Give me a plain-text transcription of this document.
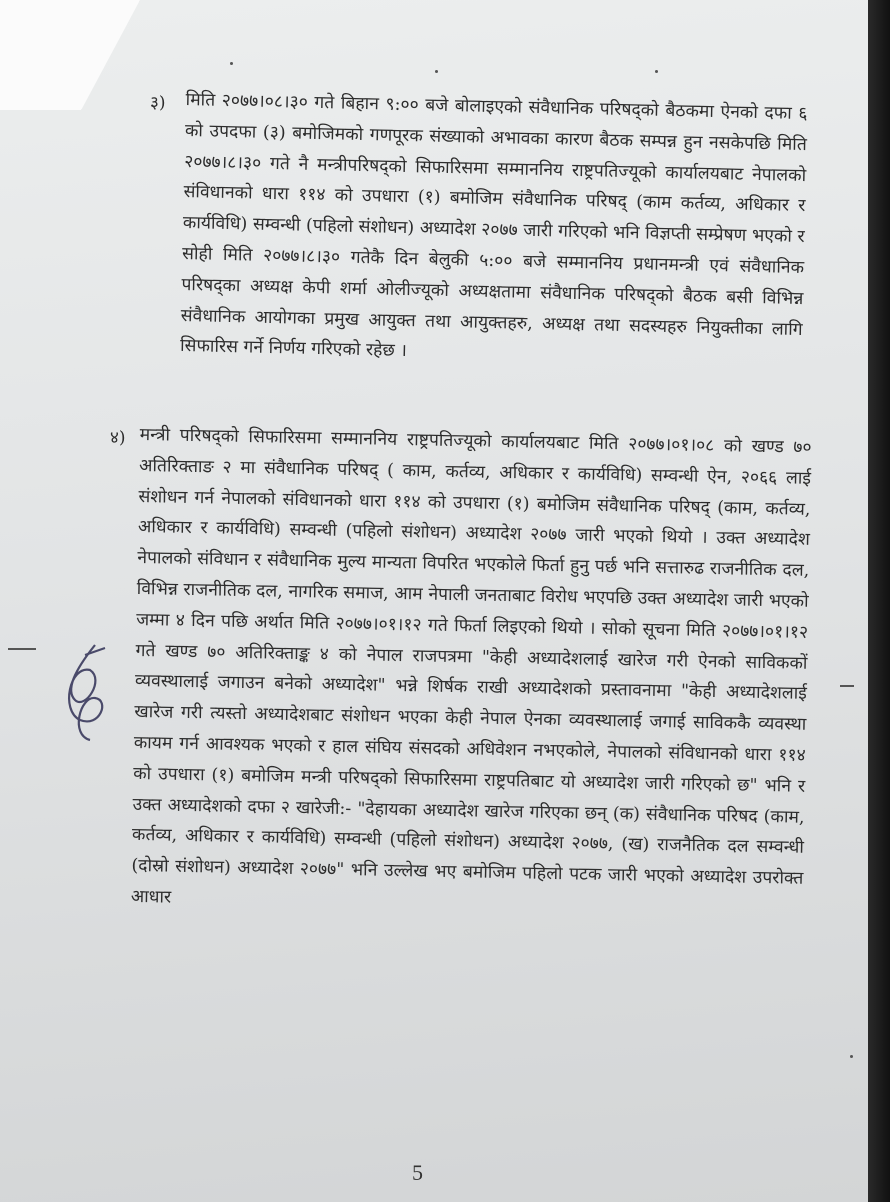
३)	मिति २०७७।०८।३० गते बिहान ९:०० बजे बोलाइएको संवैधानिक परिषद्को बैठकमा ऐनको दफा ६ को उपदफा (३) बमोजिमको गणपूरक संख्याको अभावका कारण बैठक सम्पन्न हुन नसकेपछि मिति २०७७।८।३० गते नै मन्त्रीपरिषद्को सिफारिसमा सम्माननिय राष्ट्रपतिज्यूको कार्यालयबाट नेपालको संविधानको धारा ११४ को उपधारा (१) बमोजिम संवैधानिक परिषद् (काम कर्तव्य, अधिकार र कार्यविधि) सम्वन्धी (पहिलो संशोधन) अध्यादेश २०७७ जारी गरिएको भनि विज्ञप्ती सम्प्रेषण भएको र सोही मिति २०७७।८।३० गतेकै दिन बेलुकी ५:०० बजे सम्माननिय प्रधानमन्त्री एवं संवैधानिक परिषद्का अध्यक्ष केपी शर्मा ओलीज्यूको अध्यक्षतामा संवैधानिक परिषद्को बैठक बसी विभिन्न संवैधानिक आयोगका प्रमुख आयुक्त तथा आयुक्तहरु, अध्यक्ष तथा सदस्यहरु नियुक्तीका लागि सिफारिस गर्ने निर्णय गरिएको रहेछ ।

४) मन्त्री परिषद्को सिफारिसमा सम्माननिय राष्ट्रपतिज्यूको कार्यालयबाट मिति २०७७।०१।०८ को खण्ड ७० अतिरिक्ताङ २ मा संवैधानिक परिषद् ( काम, कर्तव्य, अधिकार र कार्यविधि) सम्वन्धी ऐन, २०६६ लाई संशोधन गर्न नेपालको संविधानको धारा ११४ को उपधारा (१) बमोजिम संवैधानिक परिषद् (काम, कर्तव्य, अधिकार र कार्यविधि) सम्वन्धी (पहिलो संशोधन) अध्यादेश २०७७ जारी भएको थियो । उक्त अध्यादेश नेपालको संविधान र संवैधानिक मुल्य मान्यता विपरित भएकोले फिर्ता हुनु पर्छ भनि सत्तारुढ राजनीतिक दल, विभिन्न राजनीतिक दल, नागरिक समाज, आम नेपाली जनताबाट विरोध भएपछि उक्त अध्यादेश जारी भएको जम्मा ४ दिन पछि अर्थात मिति २०७७।०१।१२ गते फिर्ता लिइएको थियो । सोको सूचना मिति २०७७।०१।१२ गते खण्ड ७० अतिरिक्ताङ्क ४ को नेपाल राजपत्रमा "केही अध्यादेशलाई खारेज गरी ऐनको साविककों व्यवस्थालाई जगाउन बनेको अध्यादेश" भन्ने शिर्षक राखी अध्यादेशको प्रस्तावनामा "केही अध्यादेशलाई खारेज गरी त्यस्तो अध्यादेशबाट संशोधन भएका केही नेपाल ऐनका व्यवस्थालाई जगाई साविककै व्यवस्था कायम गर्न आवश्यक भएको र हाल संघिय संसदको अधिवेशन नभएकोले, नेपालको संविधानको धारा ११४ को उपधारा (१) बमोजिम मन्त्री परिषद्को सिफारिसमा राष्ट्रपतिबाट यो अध्यादेश जारी गरिएको छ" भनि र उक्त अध्यादेशको दफा २ खारेजी:- "देहायका अध्यादेश खारेज गरिएका छन् (क) संवैधानिक परिषद (काम, कर्तव्य, अधिकार र कार्यविधि) सम्वन्धी (पहिलो संशोधन) अध्यादेश २०७७, (ख) राजनैतिक दल सम्वन्धी (दोस्रो संशोधन) अध्यादेश २०७७" भनि उल्लेख भए बमोजिम पहिलो पटक जारी भएको अध्यादेश उपरोक्त आधार

5
